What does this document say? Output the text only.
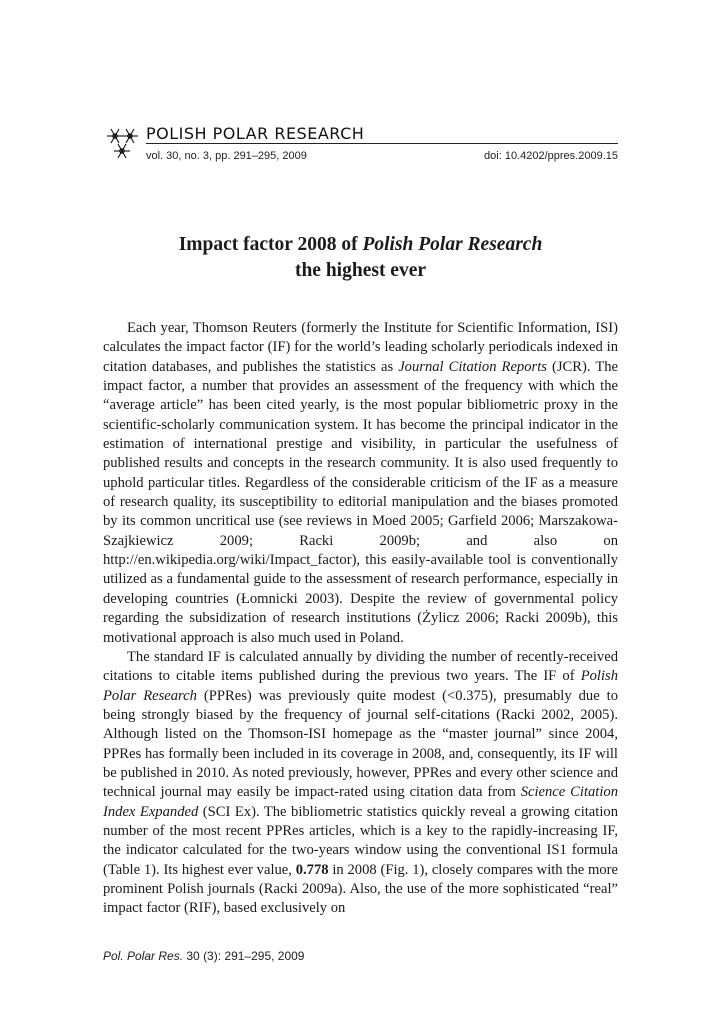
POLISH POLAR RESEARCH
vol. 30, no. 3, pp. 291–295, 2009	doi: 10.4202/ppres.2009.15
Impact factor 2008 of Polish Polar Research
the highest ever

Each year, Thomson Reuters (formerly the Institute for Scientific Information, ISI) calculates the impact factor (IF) for the world’s leading scholarly periodicals indexed in citation databases, and publishes the statistics as Journal Citation Reports (JCR). The impact factor, a number that provides an assessment of the frequency with which the “average article” has been cited yearly, is the most popular bibliometric proxy in the scientific-scholarly communication system. It has become the principal indicator in the estimation of international prestige and visibility, in particular the usefulness of published results and concepts in the research community. It is also used frequently to uphold particular titles. Regardless of the considerable criticism of the IF as a measure of research quality, its susceptibility to editorial manipulation and the biases promoted by its common uncritical use (see reviews in Moed 2005; Garfield 2006; Marszakowa-Szajkiewicz 2009; Racki 2009b; and also on http://en.wikipedia.org/wiki/Impact_factor), this easily-available tool is conventionally utilized as a fundamental guide to the assessment of research performance, especially in developing countries (Łomnicki 2003). Despite the review of governmental policy regarding the subsidization of research institutions (Żylicz 2006; Racki 2009b), this motivational approach is also much used in Poland.

The standard IF is calculated annually by dividing the number of recently-received citations to citable items published during the previous two years. The IF of Polish Polar Research (PPRes) was previously quite modest (<0.375), presumably due to being strongly biased by the frequency of journal self-citations (Racki 2002, 2005). Although listed on the Thomson-ISI homepage as the “master journal” since 2004, PPRes has formally been included in its coverage in 2008, and, consequently, its IF will be published in 2010. As noted previously, however, PPRes and every other science and technical journal may easily be impact-rated using citation data from Science Citation Index Expanded (SCI Ex). The bibliometric statistics quickly reveal a growing citation number of the most recent PPRes articles, which is a key to the rapidly-increasing IF, the indicator calculated for the two-years window using the conventional IS1 formula (Table 1). Its highest ever value, 0.778 in 2008 (Fig. 1), closely compares with the more prominent Polish journals (Racki 2009a). Also, the use of the more sophisticated “real” impact factor (RIF), based exclusively on

Pol. Polar Res. 30 (3): 291–295, 2009
